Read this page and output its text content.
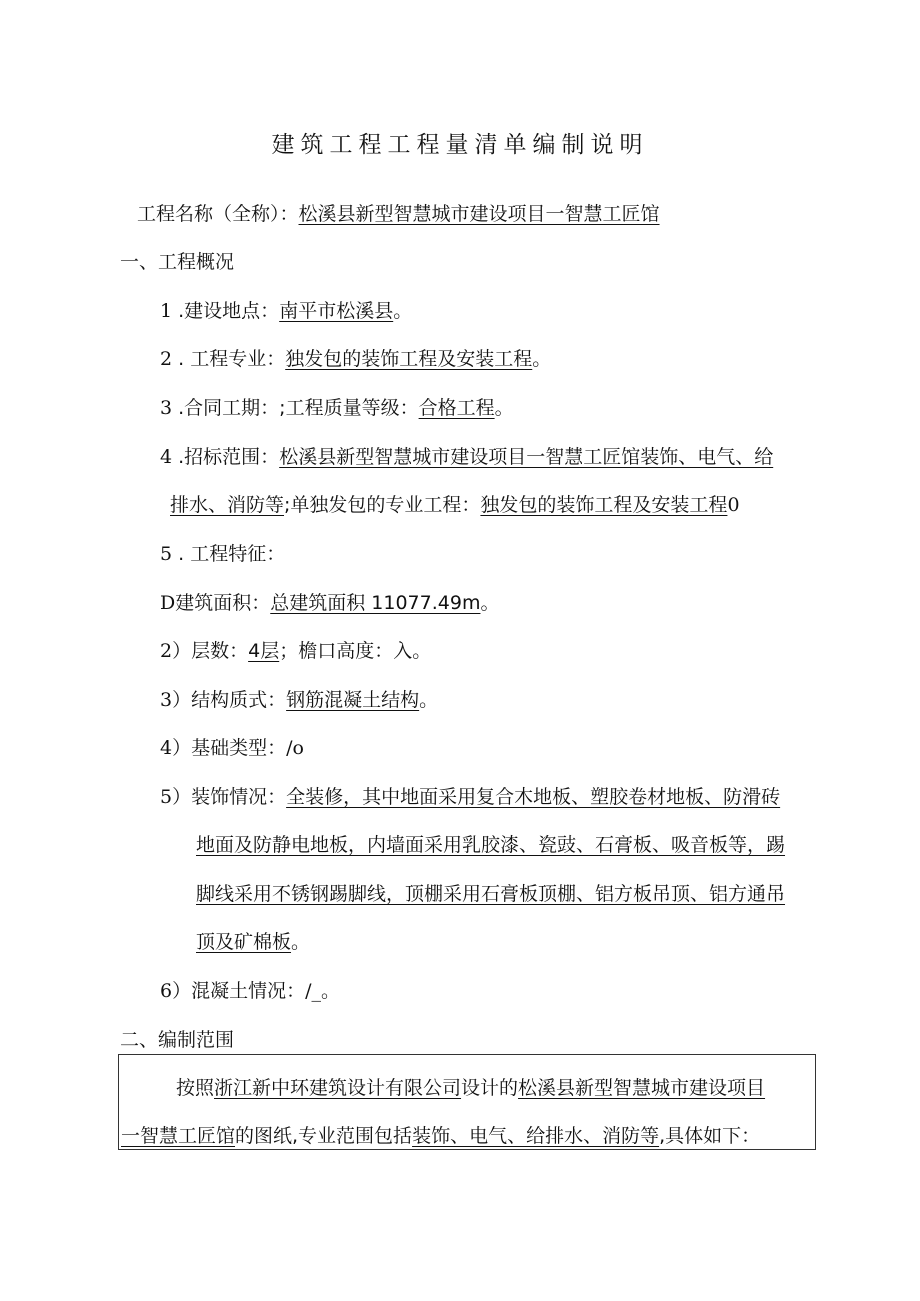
建筑工程工程量清单编制说明
工程名称（全称）：松溪县新型智慧城市建设项目一智慧工匠馆
一、工程概况
1 .建设地点：南平市松溪县。
2 . 工程专业：独发包的装饰工程及安装工程。
3 .合同工期：;工程质量等级：合格工程。
4 .招标范围：松溪县新型智慧城市建设项目一智慧工匠馆装饰、电气、给
排水、消防等;单独发包的专业工程：独发包的装饰工程及安装工程0
5 . 工程特征：
D建筑面积：总建筑面积 11077.49m。
2）层数：4层；檐口高度：入。
3）结构质式：钢筋混凝土结构。
4）基础类型：/o
5）装饰情况：全装修，其中地面采用复合木地板、塑胶卷材地板、防滑砖
地面及防静电地板，内墙面采用乳胶漆、瓷豉、石膏板、吸音板等，踢
脚线采用不锈钢踢脚线，顶棚采用石膏板顶棚、铝方板吊顶、铝方通吊
顶及矿棉板。
6）混凝土情况：/_。
二、编制范围
按照浙江新中环建筑设计有限公司设计的松溪县新型智慧城市建设项目
一智慧工匠馆的图纸,专业范围包括装饰、电气、给排水、消防等,具体如下：
